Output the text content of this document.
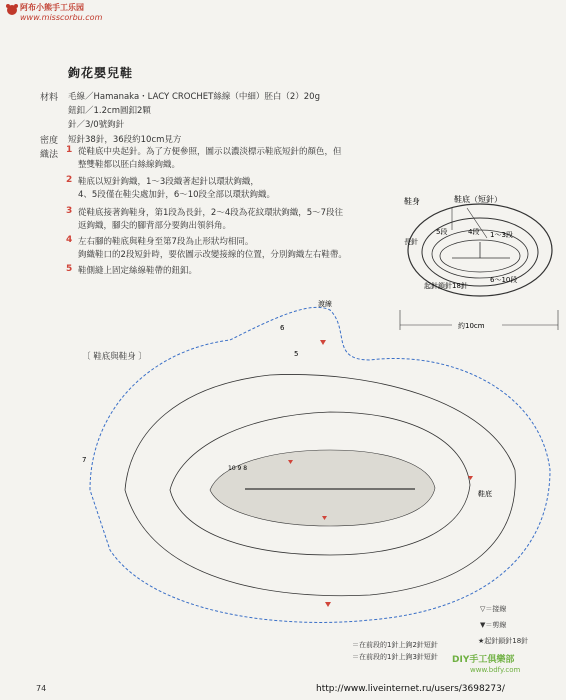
阿布小熊手工乐园
www.misscorbu.com
鉤花嬰兒鞋
材料 毛線／Hamanaka・LACY CROCHET絲線（中細）胚白（2）20g
鈕釦／1.2cm圓釦2顆
針／3/0號鉤針
密度 短針38針，36段約10cm見方
織法 1 從鞋底中央起針。為了方便參照，圖示以濃淡標示鞋底短針的顏色，但
整雙鞋都以胚白絲線鉤織。
2 鞋底以短針鉤織，1〜3段織著起針以環狀鉤織，
4、5段僅在鞋尖處加針，6〜10段全部以環狀鉤織。
3 從鞋底接著鉤鞋身，第1段為長針，2〜4段為花紋環狀鉤織，5〜7段往
返鉤織，腳尖的腳背部分要鉤出領斜角。
4 左右腳的鞋底與鞋身至第7段為止形狀均相同。
鉤織鞋口的2段短針時，要依圖示改變接線的位置，分別鉤織左右鞋帶。
5 鞋側縫上固定絲線鞋帶的鈕釦。
鞋身	鞋底（短針）
長針
5段	4段 1〜3段
起針鎖針18針
6〜10段
約10cm
〔 鞋底與鞋身 〕
渡線
鞋底
6
7
5
10 9 8
▽＝接線
▼＝剪線
★起針鎖針18針
＝在前段的1針上鉤2針短針
＝在前段的1針上鉤3針短針
74	http://www.liveinternet.ru/users/3698273/
DIY手工俱樂部
www.bdfy.com
